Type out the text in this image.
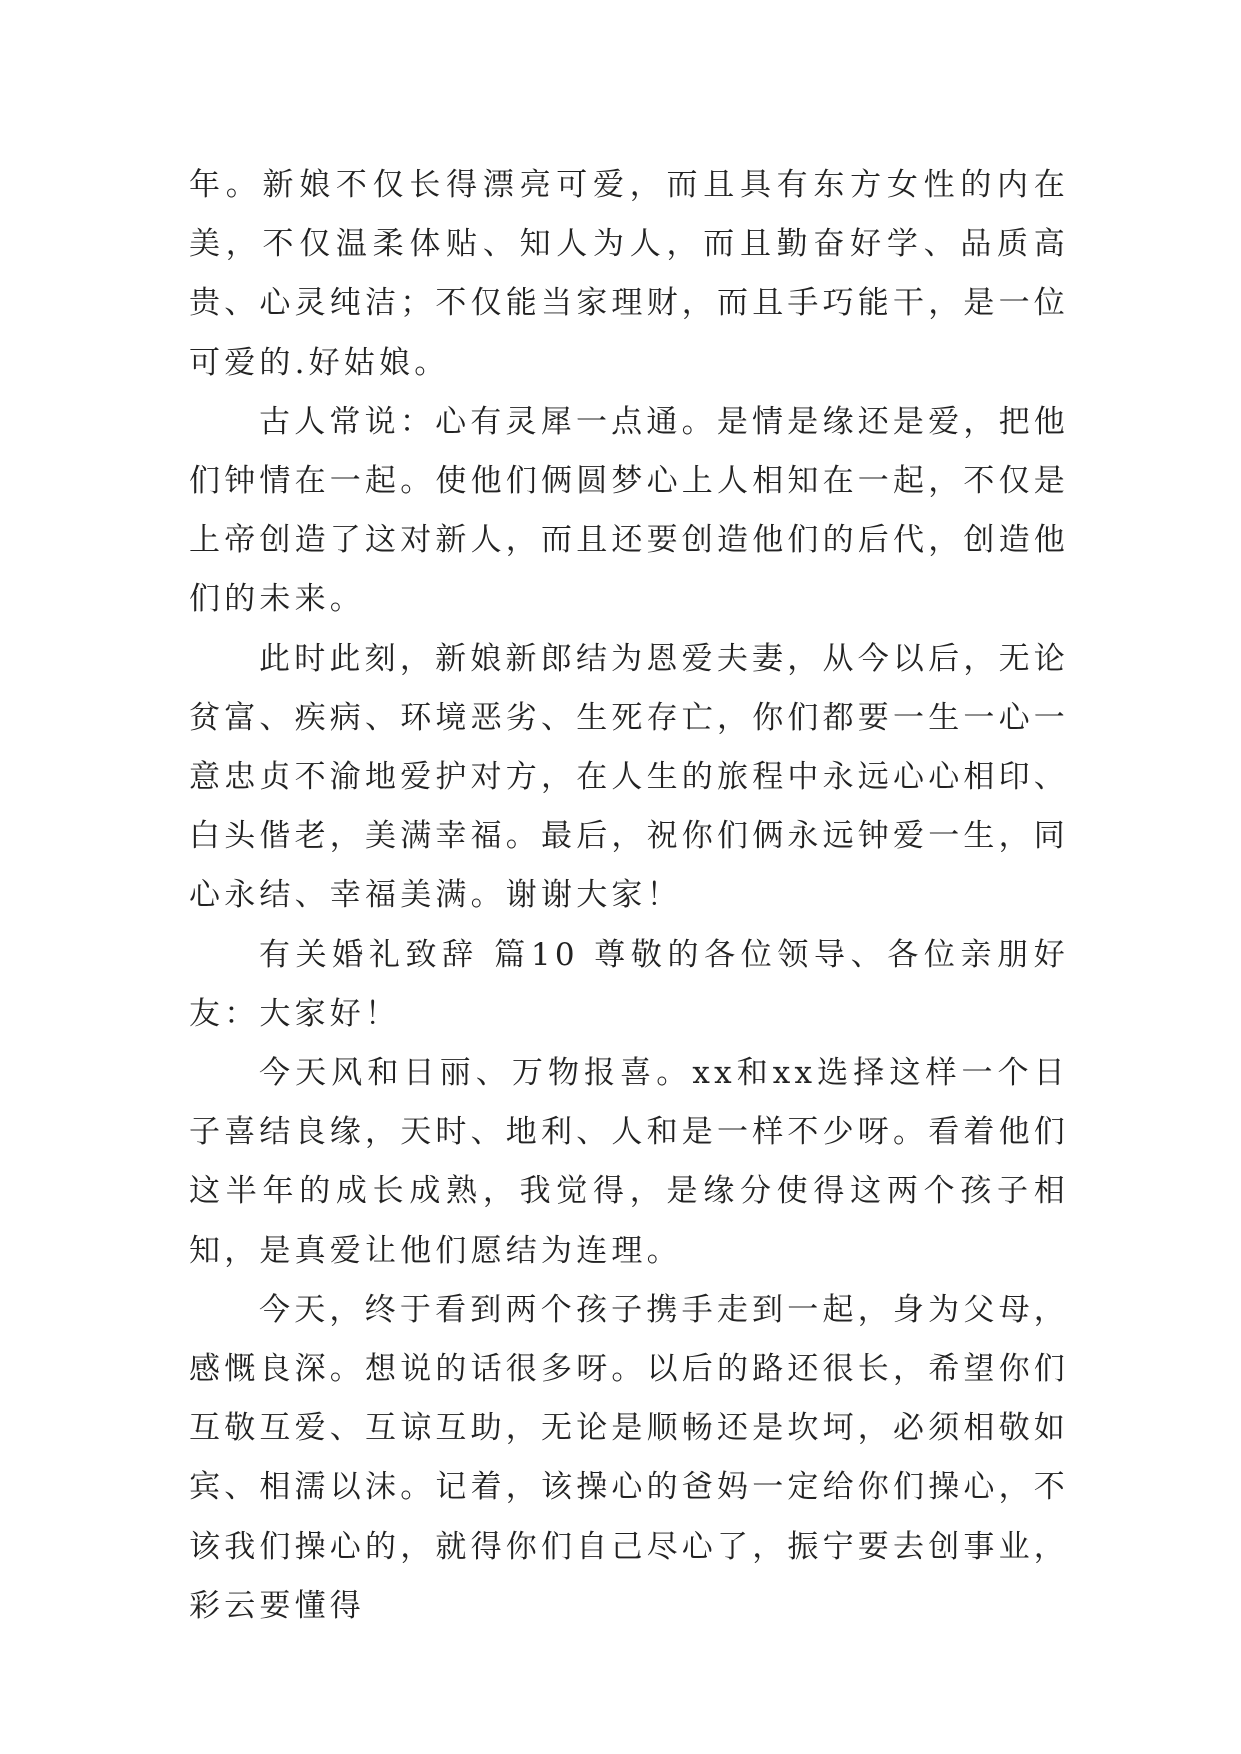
年。新娘不仅长得漂亮可爱，而且具有东方女性的内在美，不仅温柔体贴、知人为人，而且勤奋好学、品质高贵、心灵纯洁；不仅能当家理财，而且手巧能干，是一位可爱的.好姑娘。

古人常说：心有灵犀一点通。是情是缘还是爱，把他们钟情在一起。使他们俩圆梦心上人相知在一起，不仅是上帝创造了这对新人，而且还要创造他们的后代，创造他们的未来。

此时此刻，新娘新郎结为恩爱夫妻，从今以后，无论贫富、疾病、环境恶劣、生死存亡，你们都要一生一心一意忠贞不渝地爱护对方，在人生的旅程中永远心心相印、白头偕老，美满幸福。最后，祝你们俩永远钟爱一生，同心永结、幸福美满。谢谢大家！

有关婚礼致辞 篇10 尊敬的各位领导、各位亲朋好友：大家好！

今天风和日丽、万物报喜。xx和xx选择这样一个日子喜结良缘，天时、地利、人和是一样不少呀。看着他们这半年的成长成熟，我觉得，是缘分使得这两个孩子相知，是真爱让他们愿结为连理。

今天，终于看到两个孩子携手走到一起，身为父母，感慨良深。想说的话很多呀。以后的路还很长，希望你们互敬互爱、互谅互助，无论是顺畅还是坎坷，必须相敬如宾、相濡以沫。记着，该操心的爸妈一定给你们操心，不该我们操心的，就得你们自己尽心了，振宁要去创事业，彩云要懂得
